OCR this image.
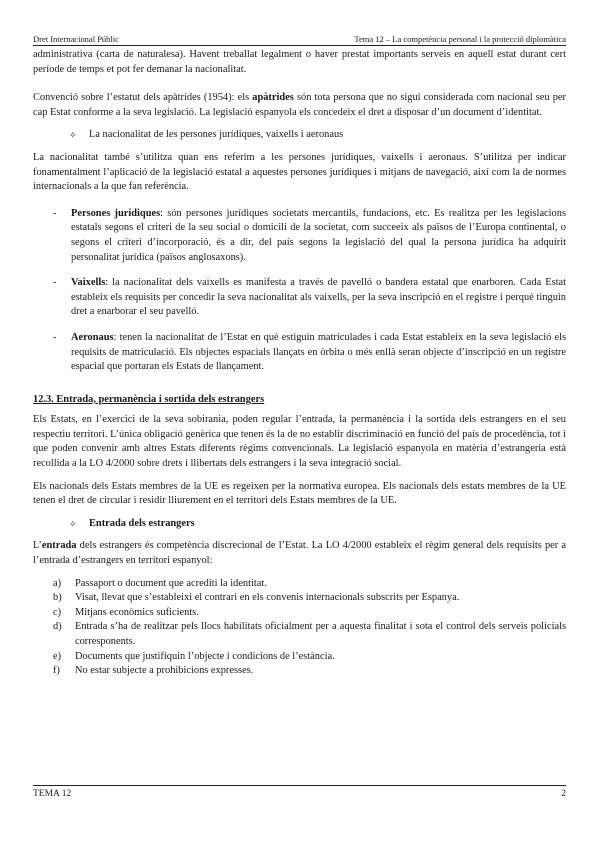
Dret Internacional Públic	Tema 12 – La competència personal i la protecció diplomàtica

administrativa (carta de naturalesa). Havent treballat legalment o haver prestat importants serveis en aquell estat durant cert període de temps et pot fer demanar la nacionalitat.

Convenció sobre l’estatut dels apàtrides (1954): els apàtrides són tota persona que no sigui considerada com nacional seu per cap Estat conforme a la seva legislació. La legislació espanyola els concedeix el dret a disposar d’un document d’identitat.

✧	La nacionalitat de les persones jurídiques, vaixells i aeronaus

La nacionalitat també s’utilitza quan ens referim a les persones jurídiques, vaixells i aeronaus. S’utilitza per indicar fonamentalment l’aplicació de la legislació estatal a aquestes persones jurídiques i mitjans de navegació, així com la de normes internacionals a la que fan referència.

-	Persones jurídiques: són persones jurídiques societats mercantils, fundacions, etc. Es realitza per les legislacions estatals segons el criteri de la seu social o domicili de la societat, com succeeix als països de l’Europa continental, o segons el criteri d’incorporació, és a dir, del país segons la legislació del qual la persona jurídica ha adquirit personalitat jurídica (països anglosaxons).
-	Vaixells: la nacionalitat dels vaixells es manifesta a través de pavelló o bandera estatal que enarboren. Cada Estat estableix els requisits per concedir la seva nacionalitat als vaixells, per la seva inscripció en el registre i perquè tinguin dret a enarborar el seu pavelló.
-	Aeronaus: tenen la nacionalitat de l’Estat en què estiguin matriculades i cada Estat estableix en la seva legislació els requisits de matriculació. Els objectes espacials llançats en òrbita o més enllà seran objecte d’inscripció en un registre espacial que portaran els Estats de llançament.
12.3. Entrada, permanència i sortida dels estrangers

Els Estats, en l’exercici de la seva sobirania, poden regular l’entrada, la permanència i la sortida dels estrangers en el seu respectiu territori. L’única obligació genèrica que tenen és la de no establir discriminació en funció del país de procedència, tot i que poden convenir amb altres Estats diferents règims convencionals. La legislació espanyola en matèria d’estrangeria està recollida a la LO 4/2000 sobre drets i llibertats dels estrangers i la seva integració social.

Els nacionals dels Estats membres de la UE es regeixen per la normativa europea. Els nacionals dels estats membres de la UE tenen el dret de circular i residir lliurement en el territori dels Estats membres de la UE.

✧	Entrada dels estrangers

L’entrada dels estrangers és competència discrecional de l’Estat. La LO 4/2000 estableix el règim general dels requisits per a l’entrada d’estrangers en territori espanyol:

a)	Passaport o document que acrediti la identitat.
b)	Visat, llevat que s’estableixi el contrari en els convenis internacionals subscrits per Espanya.
c)	Mitjans econòmics suficients.
d)	Entrada s’ha de realitzar pels llocs habilitats oficialment per a aquesta finalitat i sota el control dels serveis policials corresponents.
e)	Documents que justifiquin l’objecte i condicions de l’estància.
f)	No estar subjecte a prohibicions expresses.
TEMA 12	2
